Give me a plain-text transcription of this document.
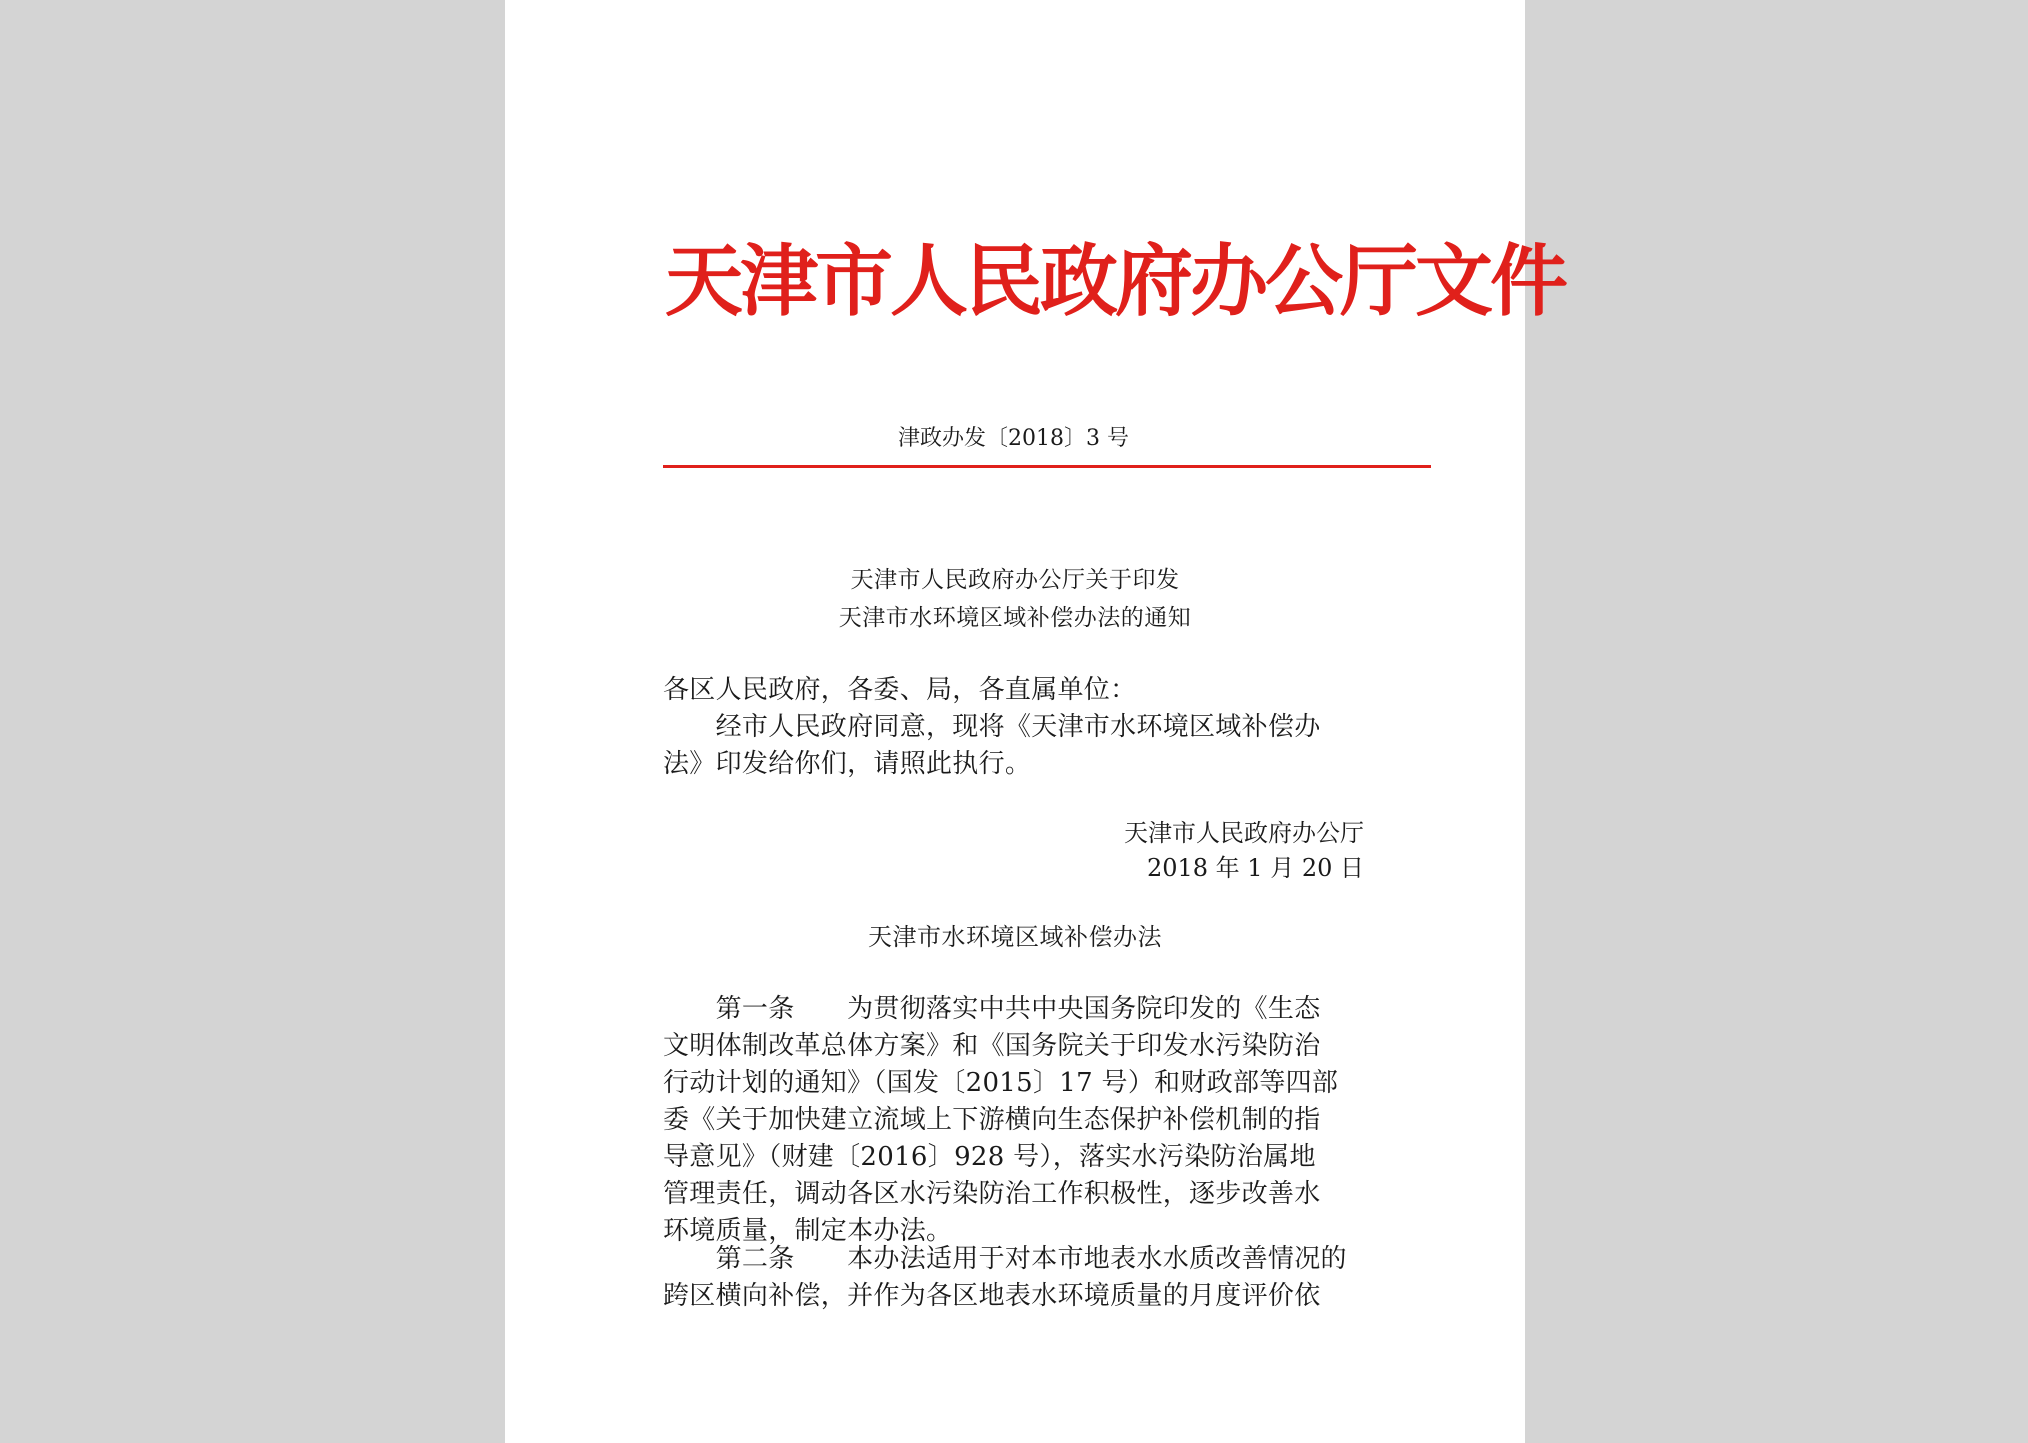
天津市人民政府办公厅文件
津政办发〔2018〕3 号
天津市人民政府办公厅关于印发
天津市水环境区域补偿办法的通知
各区人民政府，各委、局，各直属单位：
　　经市人民政府同意，现将《天津市水环境区域补偿办
法》印发给你们，请照此执行。
天津市人民政府办公厅
2018 年 1 月 20 日
天津市水环境区域补偿办法
　　第一条　　为贯彻落实中共中央国务院印发的《生态
文明体制改革总体方案》和《国务院关于印发水污染防治
行动计划的通知》（国发〔2015〕17 号）和财政部等四部
委《关于加快建立流域上下游横向生态保护补偿机制的指
导意见》（财建〔2016〕928 号），落实水污染防治属地
管理责任，调动各区水污染防治工作积极性，逐步改善水
环境质量，制定本办法。
　　第二条　　本办法适用于对本市地表水水质改善情况的
跨区横向补偿，并作为各区地表水环境质量的月度评价依
